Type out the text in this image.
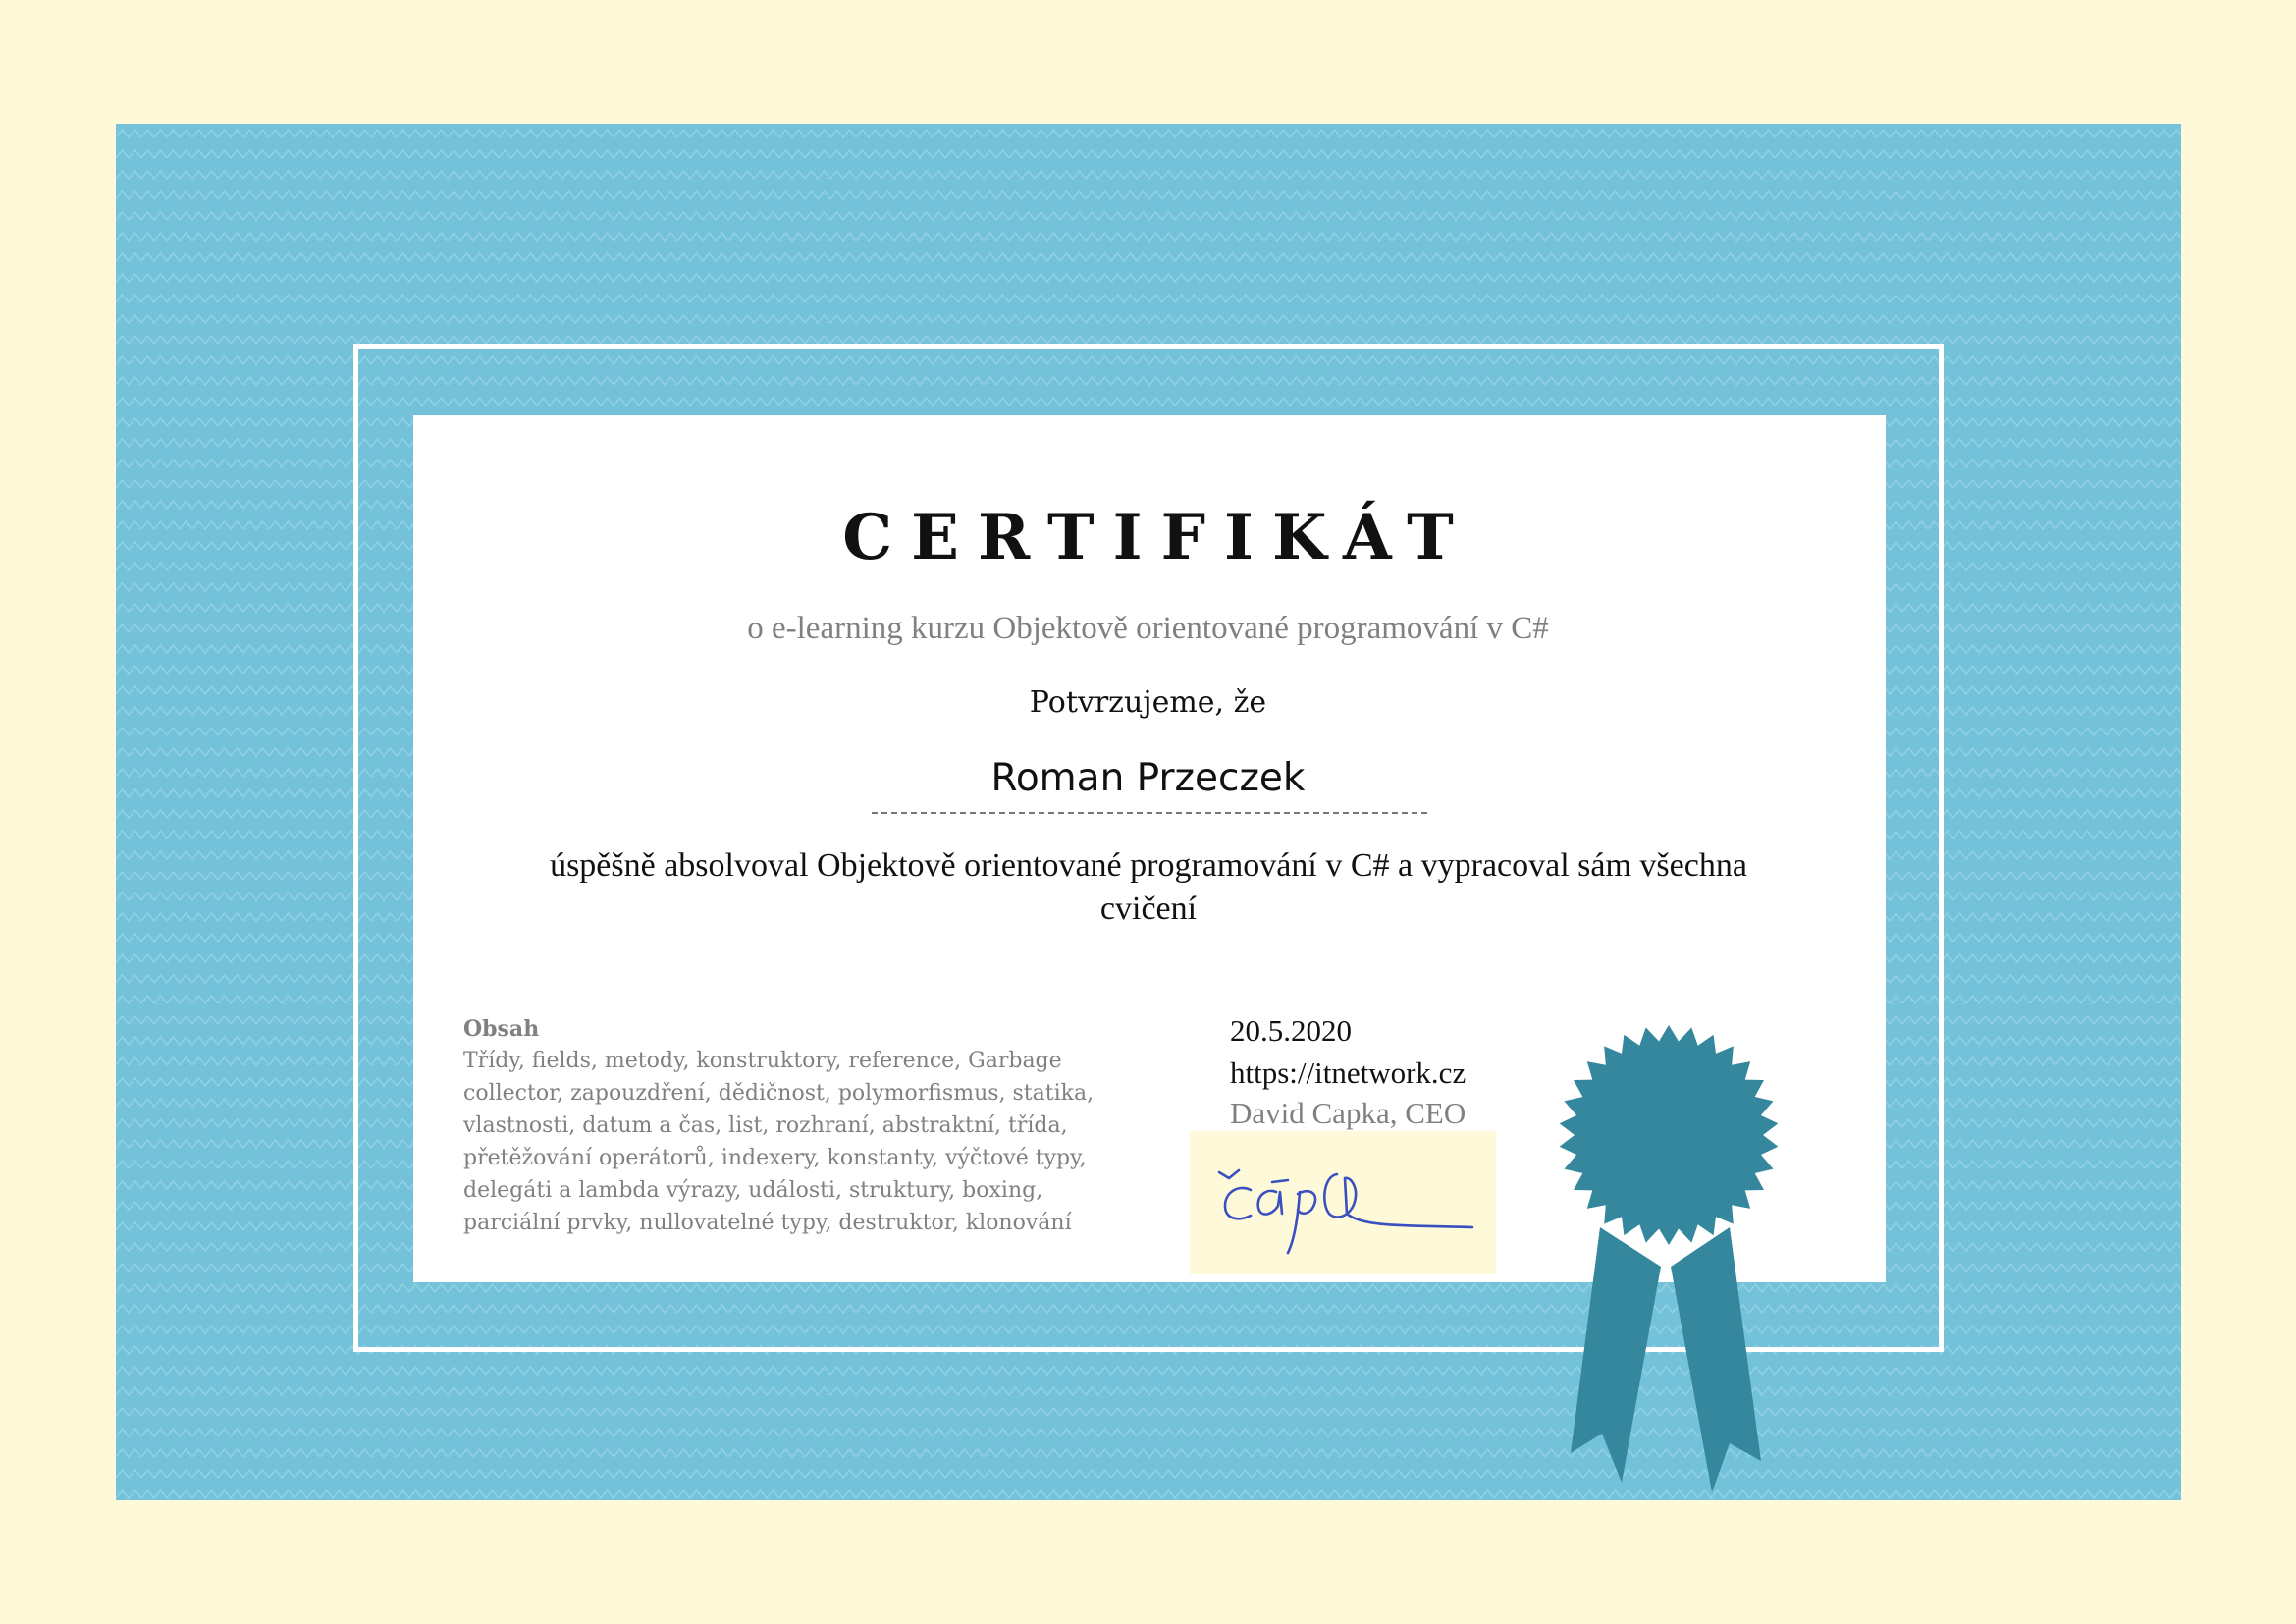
CERTIFIKÁT
o e-learning kurzu Objektově orientované programování v C#
Potvrzujeme, že
Roman Przeczek
úspěšně absolvoval Objektově orientované programování v C# a vypracoval sám všechna cvičení
Obsah
Třídy, fields, metody, konstruktory, reference, Garbage collector, zapouzdření, dědičnost, polymorfismus, statika, vlastnosti, datum a čas, list, rozhraní, abstraktní, třída, přetěžování operátorů, indexery, konstanty, výčtové typy, delegáti a lambda výrazy, události, struktury, boxing, parciální prvky, nullovatelné typy, destruktor, klonování
20.5.2020
https://itnetwork.cz
David Capka, CEO
